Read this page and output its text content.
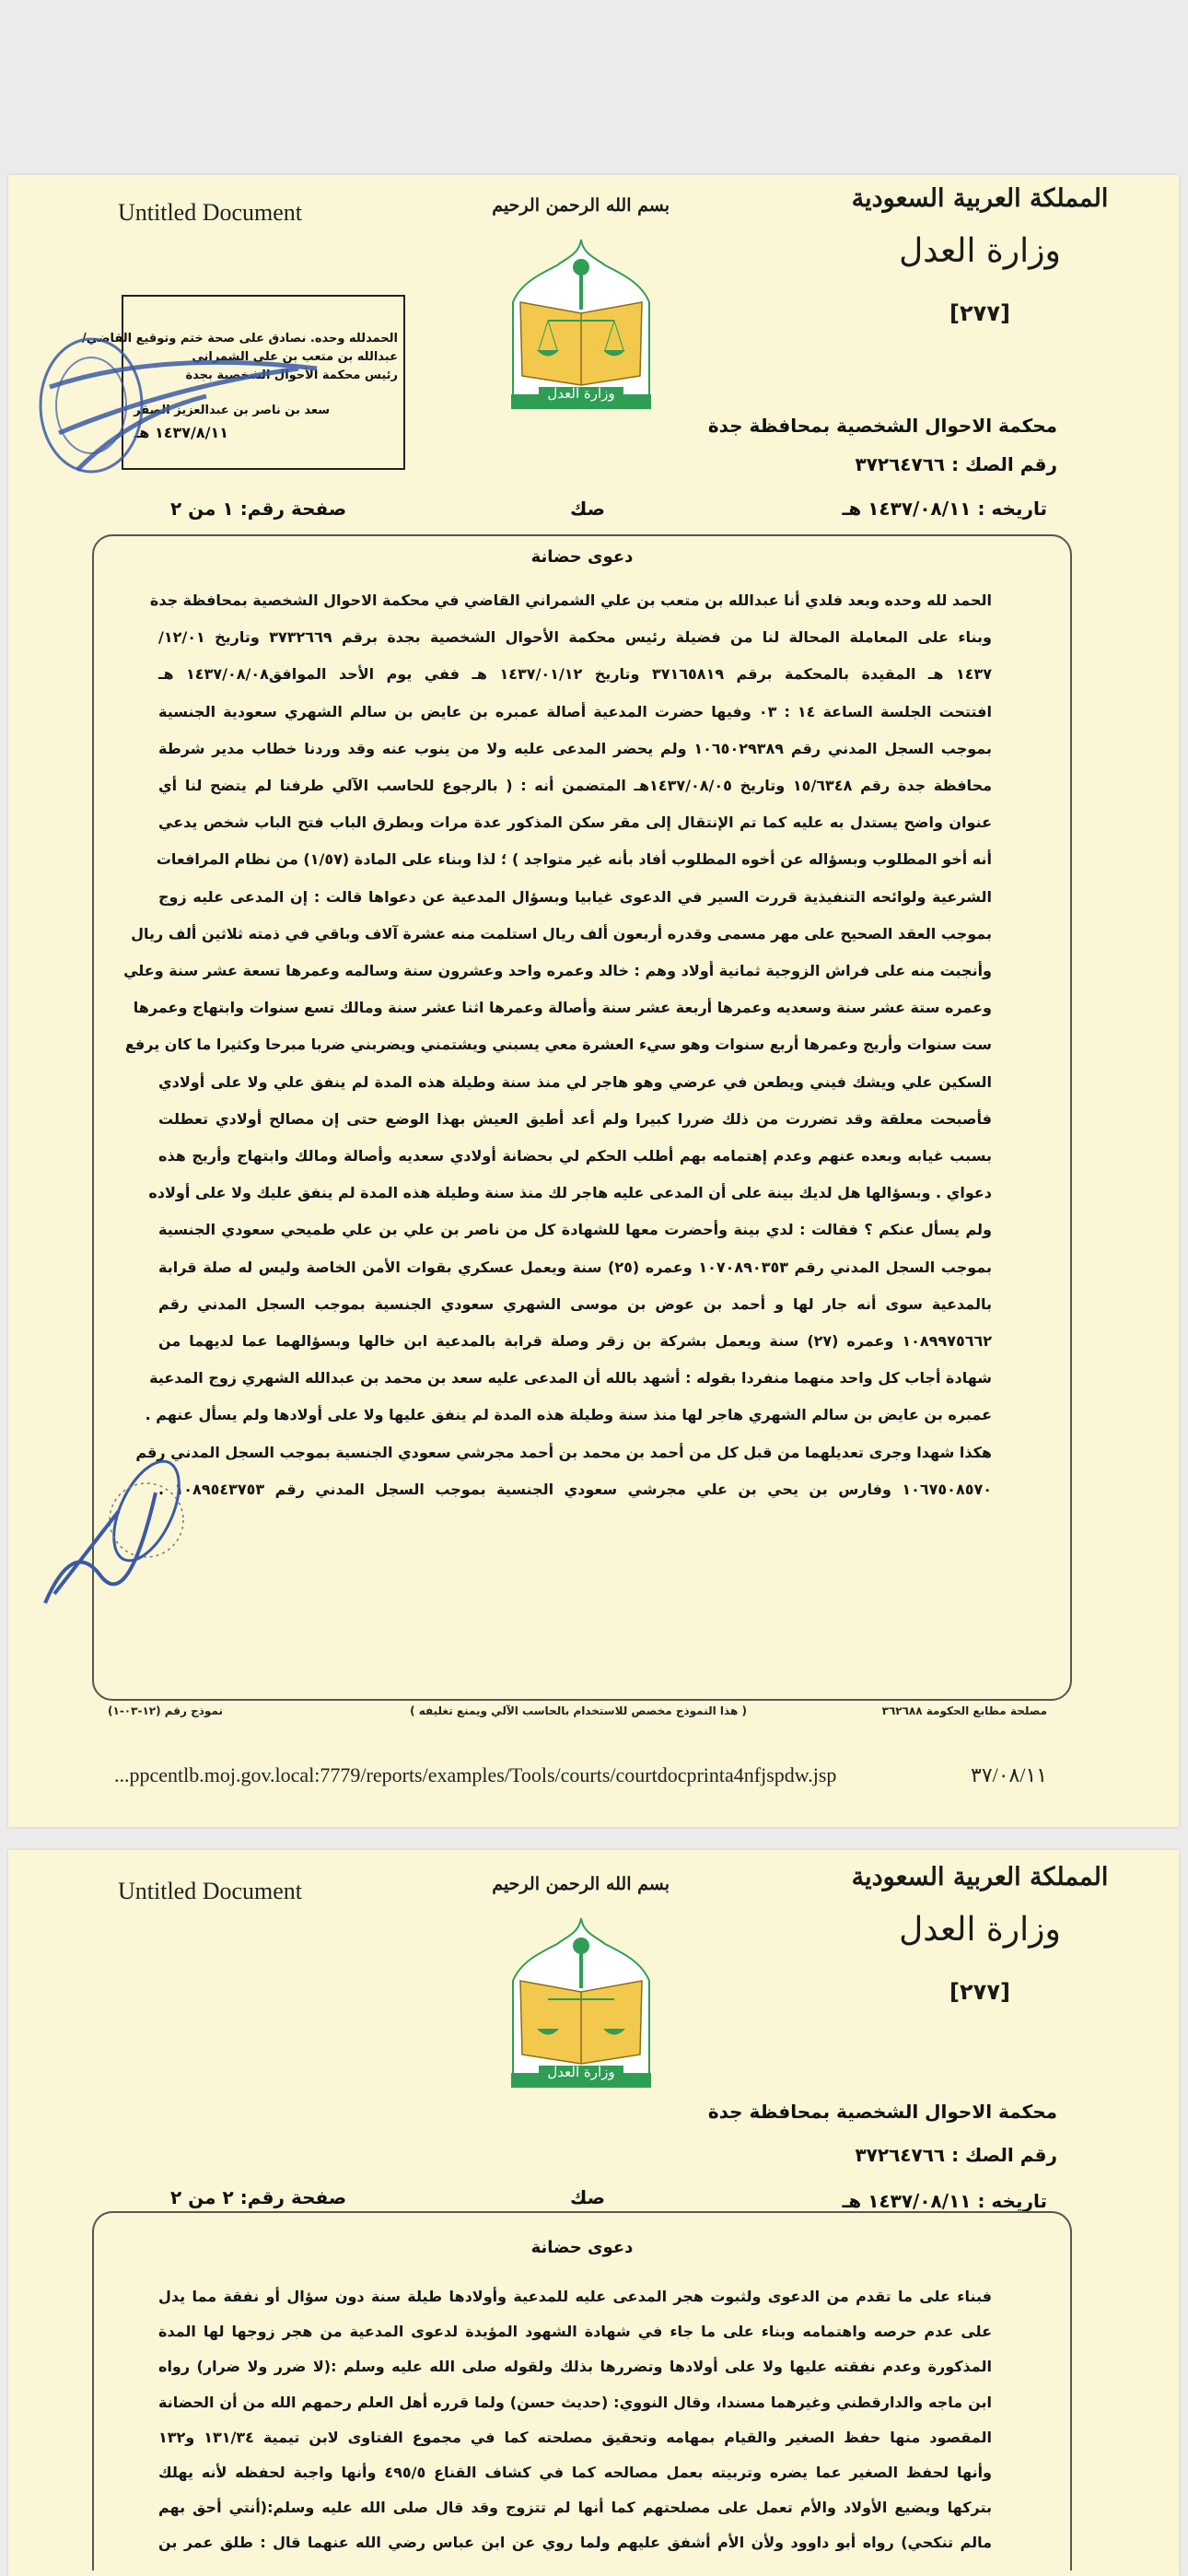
Untitled Document	المملكة العربية السعودية
وزارة العدل
[٢٧٧]
بسم الله الرحمن الرحيم
وزارة العدل
الحمدلله وحده. نصادق على صحة ختم وتوقيع القاضي/
عبدالله بن متعب بن علي الشمراني
رئيس محكمة الأحوال الشخصية بجدة
سعد بن ناصر بن عبدالعزيز الصقر
١٤٣٧/٨/١١ هـ	محكمة الاحوال الشخصية بمحافظة جدة
رقم الصك : ٣٧٢٦٤٧٦٦
تاريخه : ١٤٣٧/٠٨/١١ هـ
صك
صفحة رقم: ١ من ٢
دعوى حضانة
الحمد لله وحده وبعد فلدي أنا عبدالله بن متعب بن علي الشمراني القاضي في محكمة الاحوال الشخصية بمحافظة جدة
وبناء على المعاملة المحالة لنا من فضيلة رئيس محكمة الأحوال الشخصية بجدة برقم ٣٧٣٢٦٦٩ وتاريخ ١٢/٠١/
١٤٣٧ هـ المقيدة بالمحكمة برقم ٣٧١٦٥٨١٩ وتاريخ ١٤٣٧/٠١/١٢ هـ ففي يوم الأحد الموافق١٤٣٧/٠٨/٠٨ هـ
افتتحت الجلسة الساعة ١٤ : ٠٣ وفيها حضرت المدعية أصالة عمبره بن عايض بن سالم الشهري سعودية الجنسية
بموجب السجل المدني رقم ١٠٦٥٠٢٩٣٨٩ ولم يحضر المدعى عليه ولا من ينوب عنه وقد وردنا خطاب مدير شرطة
محافظة جدة رقم ١٥/٦٣٤٨ وتاريخ ١٤٣٧/٠٨/٠٥هـ المتضمن أنه : ( بالرجوع للحاسب الآلي طرفنا لم يتضح لنا أي
عنوان واضح يستدل به عليه كما تم الإنتقال إلى مقر سكن المذكور عدة مرات وبطرق الباب فتح الباب شخص يدعي
أنه أخو المطلوب وبسؤاله عن أخوه المطلوب أفاد بأنه غير متواجد ) ؛ لذا وبناء على المادة (١/٥٧) من نظام المرافعات
الشرعية ولوائحه التنفيذية قررت السير في الدعوى غيابيا وبسؤال المدعية عن دعواها قالت : إن المدعى عليه زوج
بموجب العقد الصحيح على مهر مسمى وقدره أربعون ألف ريال استلمت منه عشرة آلاف وباقي في ذمته ثلاثين ألف ريال
وأنجبت منه على فراش الزوجية ثمانية أولاد وهم : خالد وعمره واحد وعشرون سنة وسالمه وعمرها تسعة عشر سنة وعلي
وعمره ستة عشر سنة وسعديه وعمرها أربعة عشر سنة وأصالة وعمرها اثنا عشر سنة ومالك تسع سنوات وابتهاج وعمرها
ست سنوات وأريج وعمرها أربع سنوات وهو سيء العشرة معي يسبني ويشتمني ويضربني ضربا مبرحا وكثيرا ما كان يرفع
السكين علي ويشك فيني ويطعن في عرضي وهو هاجر لي منذ سنة وطيلة هذه المدة لم ينفق علي ولا على أولادي
فأصبحت معلقة وقد تضررت من ذلك ضررا كبيرا ولم أعد أطيق العيش بهذا الوضع حتى إن مصالح أولادي تعطلت
بسبب غيابه وبعده عنهم وعدم إهتمامه بهم أطلب الحكم لي بحضانة أولادي سعديه وأصالة ومالك وابتهاج وأريج هذه
دعواي . وبسؤالها هل لديك بينة على أن المدعى عليه هاجر لك منذ سنة وطيلة هذه المدة لم ينفق عليك ولا على أولاده
ولم يسأل عنكم ؟ فقالت : لدي بينة وأحضرت معها للشهادة كل من ناصر بن علي بن علي طميحي سعودي الجنسية
بموجب السجل المدني رقم ١٠٧٠٨٩٠٣٥٣ وعمره (٢٥) سنة ويعمل عسكري بقوات الأمن الخاصة وليس له صلة قرابة
بالمدعية سوى أنه جار لها و أحمد بن عوض بن موسى الشهري سعودي الجنسية بموجب السجل المدني رقم
١٠٨٩٩٧٥٦٦٢ وعمره (٢٧) سنة ويعمل بشركة بن زقر وصلة قرابة بالمدعية ابن خالها وبسؤالهما عما لديهما من
شهادة أجاب كل واحد منهما منفردا بقوله : أشهد بالله أن المدعى عليه سعد بن محمد بن عبدالله الشهري زوج المدعية
عمبره بن عايض بن سالم الشهري هاجر لها منذ سنة وطيلة هذه المدة لم ينفق عليها ولا على أولادها ولم يسأل عنهم .
هكذا شهدا وجرى تعديلهما من قبل كل من أحمد بن محمد بن أحمد مجرشي سعودي الجنسية بموجب السجل المدني رقم
١٠٦٧٥٠٨٥٧٠ وفارس بن يحي بن علي مجرشي سعودي الجنسية بموجب السجل المدني رقم ١٠٨٩٥٤٣٧٥٣ .
مصلحة مطابع الحكومة ٣٦٢٦٨٨
( هذا النموذج مخصص للاستخدام بالحاسب الآلي ويمنع تغليفه )
نموذج رقم (١٢-٠٣-١)
...ppcentlb.moj.gov.local:7779/reports/examples/Tools/courts/courtdocprinta4nfjspdw.jsp	٣٧/٠٨/١١
Untitled Document	المملكة العربية السعودية
وزارة العدل
[٢٧٧]
بسم الله الرحمن الرحيم
وزارة العدل
محكمة الاحوال الشخصية بمحافظة جدة
رقم الصك : ٣٧٢٦٤٧٦٦
تاريخه : ١٤٣٧/٠٨/١١ هـ
صك
صفحة رقم: ٢ من ٢
دعوى حضانة
فبناء على ما تقدم من الدعوى ولثبوت هجر المدعى عليه للمدعية وأولادها طيلة سنة دون سؤال أو نفقة مما يدل
على عدم حرصه واهتمامه وبناء على ما جاء في شهادة الشهود المؤيدة لدعوى المدعية من هجر زوجها لها المدة
المذكورة وعدم نفقته عليها ولا على أولادها وتضررها بذلك ولقوله صلى الله عليه وسلم :(لا ضرر ولا ضرار) رواه
ابن ماجه والدارقطني وغيرهما مسندا، وقال النووي: (حديث حسن) ولما قرره أهل العلم رحمهم الله من أن الحضانة
المقصود منها حفظ الصغير والقيام بمهامه وتحقيق مصلحته كما في مجموع الفتاوى لابن تيمية ١٣١/٣٤ و١٣٢
وأنها لحفظ الصغير عما يضره وتربيته بعمل مصالحه كما في كشاف القناع ٤٩٥/٥ وأنها واجبة لحفظه لأنه يهلك
بتركها ويضيع الأولاد والأم تعمل على مصلحتهم كما أنها لم تتزوج وقد قال صلى الله عليه وسلم:(أنتي أحق بهم
مالم تنكحي) رواه أبو داوود ولأن الأم أشفق عليهم ولما روي عن ابن عباس رضي الله عنهما قال : طلق عمر بن
